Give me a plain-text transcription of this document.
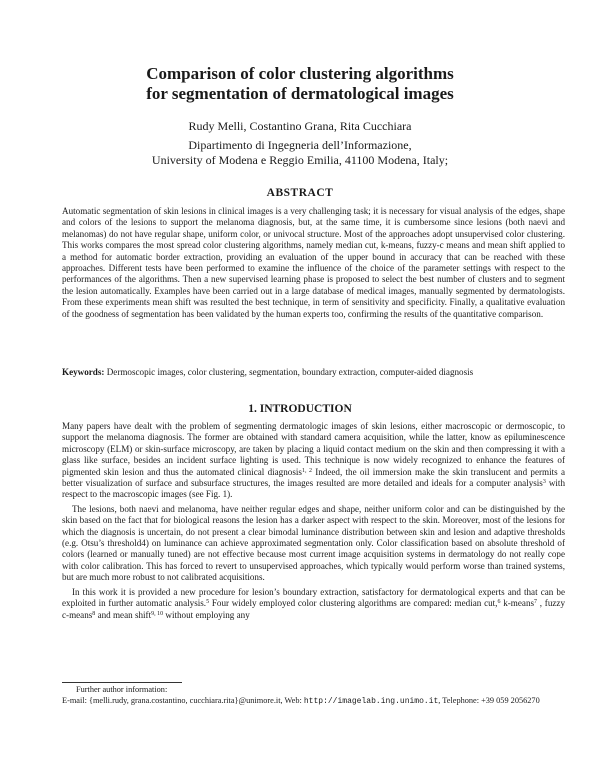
Comparison of color clustering algorithms
for segmentation of dermatological images
Rudy Melli, Costantino Grana, Rita Cucchiara
Dipartimento di Ingegneria dell’Informazione,
University of Modena e Reggio Emilia, 41100 Modena, Italy;
ABSTRACT
Automatic segmentation of skin lesions in clinical images is a very challenging task; it is necessary for visual analysis of the edges, shape and colors of the lesions to support the melanoma diagnosis, but, at the same time, it is cumbersome since lesions (both naevi and melanomas) do not have regular shape, uniform color, or univocal structure. Most of the approaches adopt unsupervised color clustering. This works compares the most spread color clustering algorithms, namely median cut, k-means, fuzzy-c means and mean shift applied to a method for automatic border extraction, providing an evaluation of the upper bound in accuracy that can be reached with these approaches. Different tests have been performed to examine the influence of the choice of the parameter settings with respect to the performances of the algorithms. Then a new supervised learning phase is proposed to select the best number of clusters and to segment the lesion automatically. Examples have been carried out in a large database of medical images, manually segmented by dermatologists. From these experiments mean shift was resulted the best technique, in term of sensitivity and specificity. Finally, a qualitative evaluation of the goodness of segmentation has been validated by the human experts too, confirming the results of the quantitative comparison.
Keywords: Dermoscopic images, color clustering, segmentation, boundary extraction, computer-aided diagnosis
1. INTRODUCTION

Many papers have dealt with the problem of segmenting dermatologic images of skin lesions, either macroscopic or dermoscopic, to support the melanoma diagnosis. The former are obtained with standard camera acquisition, while the latter, know as epiluminescence microscopy (ELM) or skin-surface microscopy, are taken by placing a liquid contact medium on the skin and then compressing it with a glass like surface, besides an incident surface lighting is used. This technique is now widely recognized to enhance the features of pigmented skin lesion and thus the automated clinical diagnosis$^{1, 2}$ Indeed, the oil immersion make the skin translucent and permits a better visualization of surface and subsurface structures, the images resulted are more detailed and ideals for a computer analysis$^3$ with respect to the macroscopic images (see Fig. 1).

The lesions, both naevi and melanoma, have neither regular edges and shape, neither uniform color and can be distinguished by the skin based on the fact that for biological reasons the lesion has a darker aspect with respect to the skin. Moreover, most of the lesions for which the diagnosis is uncertain, do not present a clear bimodal luminance distribution between skin and lesion and adaptive thresholds (e.g. Otsu’s threshold4) on luminance can achieve approximated segmentation only. Color classification based on absolute threshold of colors (learned or manually tuned) are not effective because most current image acquisition systems in dermatology do not really cope with color calibration. This has forced to revert to unsupervised approaches, which typically would perform worse than trained systems, but are much more robust to not calibrated acquisitions.

In this work it is provided a new procedure for lesion’s boundary extraction, satisfactory for dermatological experts and that can be exploited in further automatic analysis.$^5$ Four widely employed color clustering algorithms are compared: median cut,$^6$ k-means$^7$ , fuzzy c-means$^8$ and mean shift$^{9, 10}$ without employing any

Further author information:
E-mail: {melli.rudy, grana.costantino, cucchiara.rita}@unimore.it, Web: http://imagelab.ing.unimo.it, Telephone: +39 059 2056270
